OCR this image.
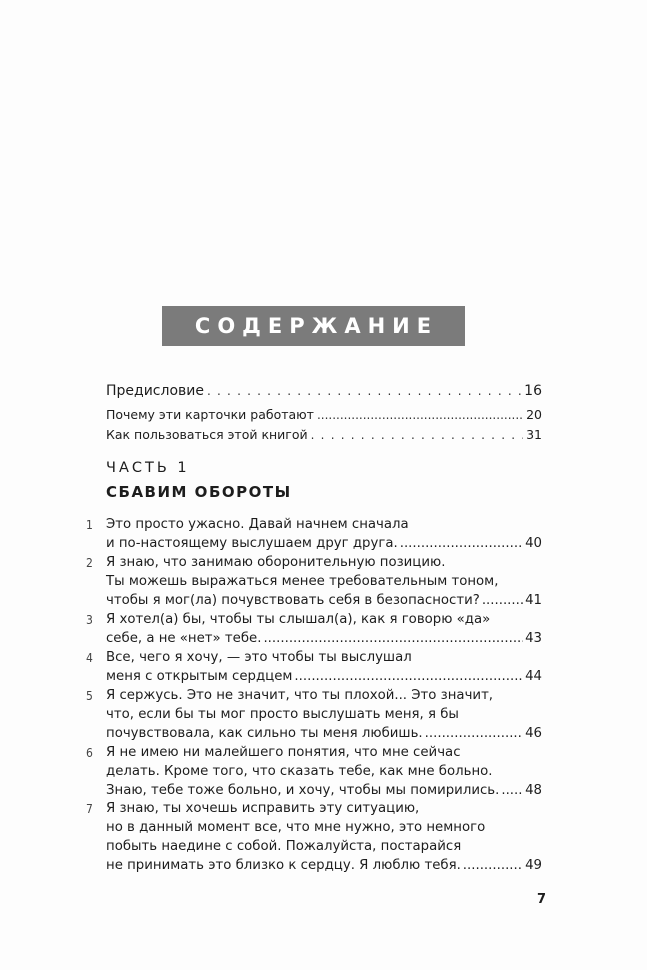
СОДЕРЖАНИЕ
Предисловие . . .	16
Почему эти карточки работают .....	20
Как пользоваться этой книгой . . .	31
ЧАСТЬ 1
СБАВИМ ОБОРОТЫ
1 Это просто ужасно. Давай начнем сначала
и по-настоящему выслушаем друг друга. .....	40
2 Я знаю, что занимаю оборонительную позицию.
Ты можешь выражаться менее требовательным тоном,
чтобы я мог(ла) почувствовать себя в безопасности? .....	41
3 Я хотел(а) бы, чтобы ты слышал(а), как я говорю «да»
себе, а не «нет» тебе. .....	43
4 Все, чего я хочу, — это чтобы ты выслушал
меня с открытым сердцем .....	44
5 Я сержусь. Это не значит, что ты плохой... Это значит,
что, если бы ты мог просто выслушать меня, я бы
почувствовала, как сильно ты меня любишь. .....	46
6 Я не имею ни малейшего понятия, что мне сейчас
делать. Кроме того, что сказать тебе, как мне больно.
Знаю, тебе тоже больно, и хочу, чтобы мы помирились. ..... 48
7 Я знаю, ты хочешь исправить эту ситуацию,
но в данный момент все, что мне нужно, это немного
побыть наедине с собой. Пожалуйста, постарайся
не принимать это близко к сердцу. Я люблю тебя. .....	49
7
